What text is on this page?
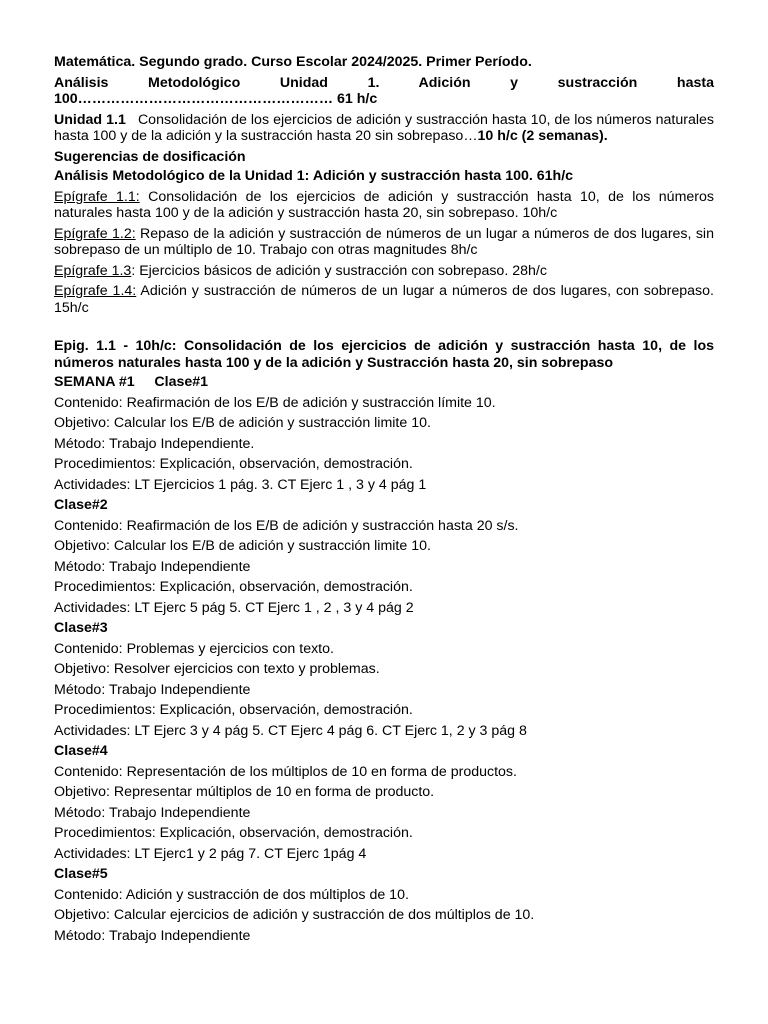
Matemática. Segundo grado. Curso Escolar 2024/2025. Primer Período.
Análisis Metodológico Unidad 1. Adición y sustracción hasta
100……………………………………………… 61 h/c
Unidad 1.1 Consolidación de los ejercicios de adición y sustracción hasta 10, de los números naturales hasta 100 y de la adición y la sustracción hasta 20 sin sobrepaso…10 h/c (2 semanas).
Sugerencias de dosificación
Análisis Metodológico de la Unidad 1: Adición y sustracción hasta 100. 61h/c
Epígrafe 1.1: Consolidación de los ejercicios de adición y sustracción hasta 10, de los números naturales hasta 100 y de la adición y sustracción hasta 20, sin sobrepaso. 10h/c
Epígrafe 1.2: Repaso de la adición y sustracción de números de un lugar a números de dos lugares, sin sobrepaso de un múltiplo de 10. Trabajo con otras magnitudes 8h/c
Epígrafe 1.3: Ejercicios básicos de adición y sustracción con sobrepaso. 28h/c
Epígrafe 1.4: Adición y sustracción de números de un lugar a números de dos lugares, con sobrepaso. 15h/c
Epig. 1.1 - 10h/c: Consolidación de los ejercicios de adición y sustracción hasta 10, de los números naturales hasta 100 y de la adición y Sustracción hasta 20, sin sobrepaso
SEMANA #1 Clase#1
Contenido: Reafirmación de los E/B de adición y sustracción límite 10.
Objetivo: Calcular los E/B de adición y sustracción limite 10.
Método: Trabajo Independiente.
Procedimientos: Explicación, observación, demostración.
Actividades: LT Ejercicios 1 pág. 3. CT Ejerc 1 , 3 y 4 pág 1
Clase#2
Contenido: Reafirmación de los E/B de adición y sustracción hasta 20 s/s.
Objetivo: Calcular los E/B de adición y sustracción limite 10.
Método: Trabajo Independiente
Procedimientos: Explicación, observación, demostración.
Actividades: LT Ejerc 5 pág 5. CT Ejerc 1 , 2 , 3 y 4 pág 2
Clase#3
Contenido: Problemas y ejercicios con texto.
Objetivo: Resolver ejercicios con texto y problemas.
Método: Trabajo Independiente
Procedimientos: Explicación, observación, demostración.
Actividades: LT Ejerc 3 y 4 pág 5. CT Ejerc 4 pág 6. CT Ejerc 1, 2 y 3 pág 8
Clase#4
Contenido: Representación de los múltiplos de 10 en forma de productos.
Objetivo: Representar múltiplos de 10 en forma de producto.
Método: Trabajo Independiente
Procedimientos: Explicación, observación, demostración.
Actividades: LT Ejerc1 y 2 pág 7. CT Ejerc 1pág 4
Clase#5
Contenido: Adición y sustracción de dos múltiplos de 10.
Objetivo: Calcular ejercicios de adición y sustracción de dos múltiplos de 10.
Método: Trabajo Independiente
